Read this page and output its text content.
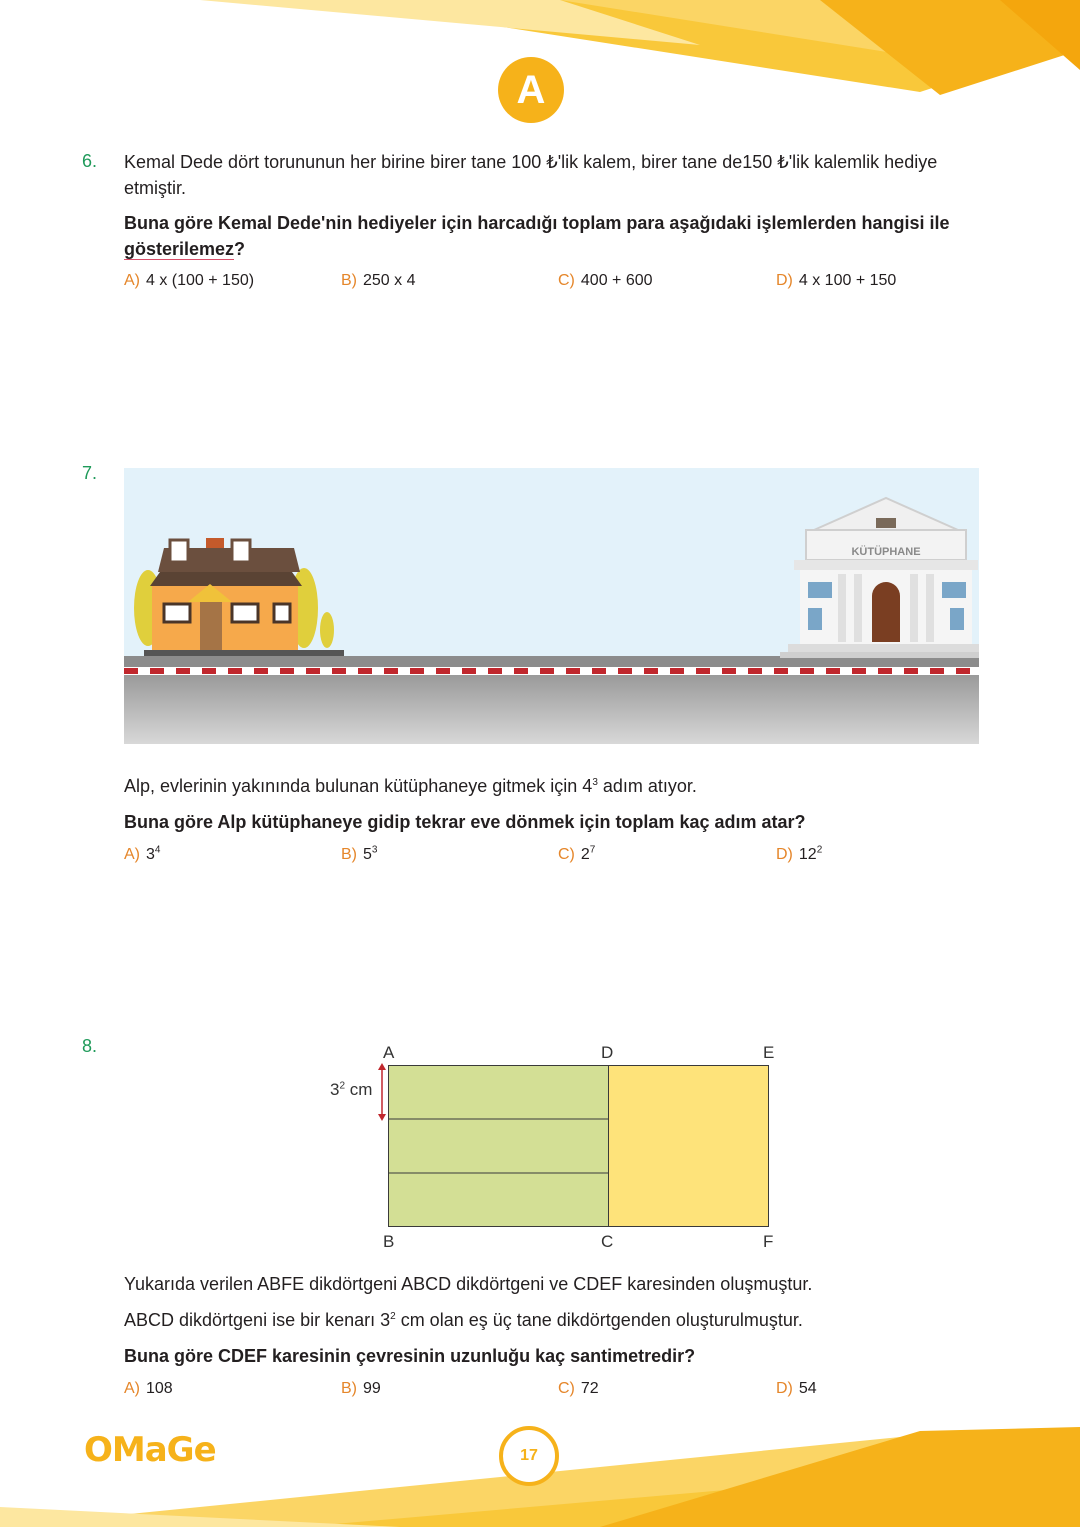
A
6. Kemal Dede dört torununun her birine birer tane 100 ₺'lik kalem, birer tane de150 ₺'lik kalemlik hediye etmiştir.
Buna göre Kemal Dede'nin hediyeler için harcadığı toplam para aşağıdaki işlemlerden hangisi ile gösterilemez?
A) 4 x (100 + 150)	B) 250 x 4	C) 400 + 600	D) 4 x 100 + 150
7.
KÜTÜPHANE
Alp, evlerinin yakınında bulunan kütüphaneye gitmek için $4^3$ adım atıyor.
Buna göre Alp kütüphaneye gidip tekrar eve dönmek için toplam kaç adım atar?
A) $3^4$	B) $5^3$	C) $2^7$	D) $12^2$
8.
$3^2$ cm
A	D	E
B	C	F
Yukarıda verilen ABFE dikdörtgeni ABCD dikdörtgeni ve CDEF karesinden oluşmuştur.
ABCD dikdörtgeni ise bir kenarı $3^2$ cm olan eş üç tane dikdörtgenden oluşturulmuştur.
Buna göre CDEF karesinin çevresinin uzunluğu kaç santimetredir?
A) 108	B) 99	C) 72	D) 54
OMaGe	17
